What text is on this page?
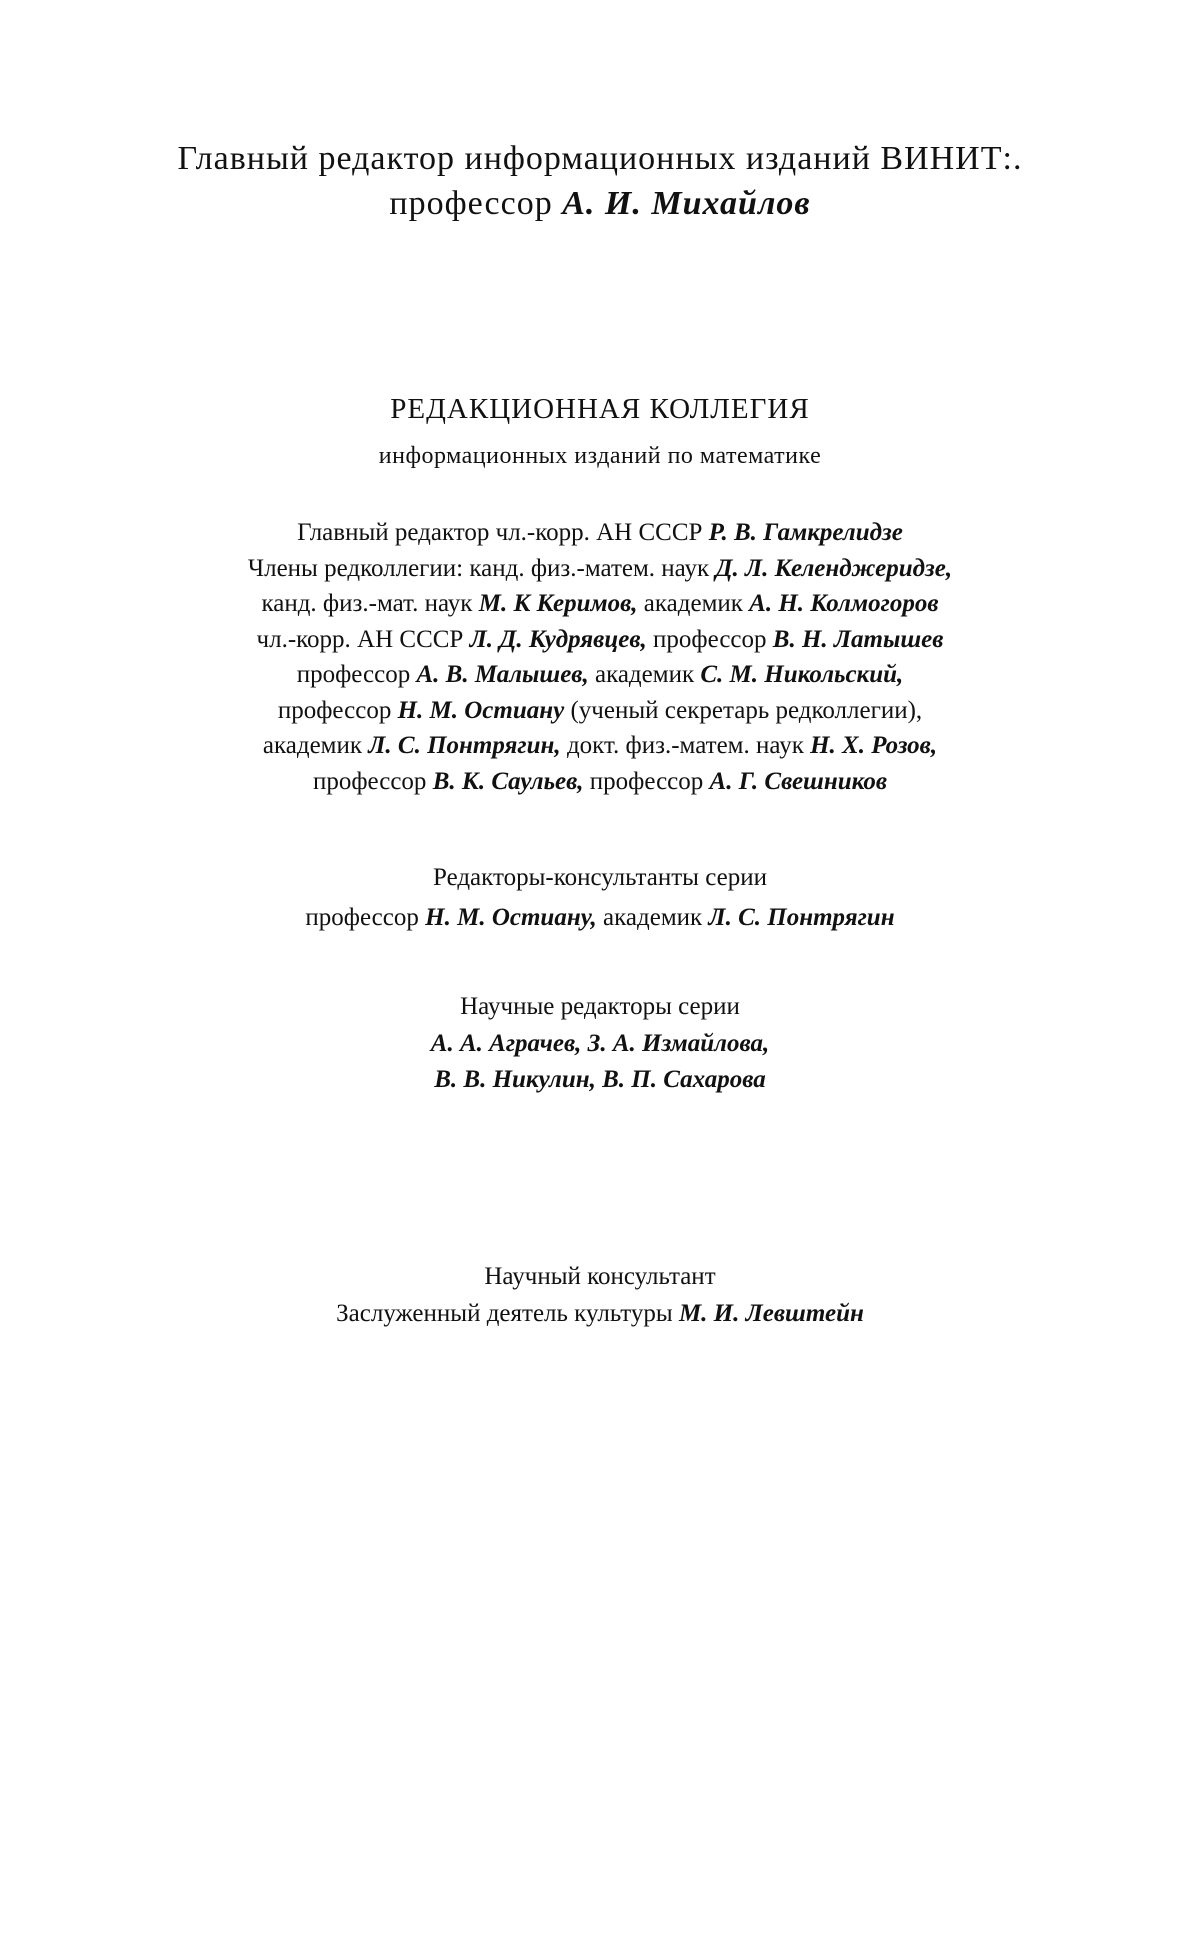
Главный редактор информационных изданий ВИНИТ:.
профессор А. И. Михайлов
РЕДАКЦИОННАЯ КОЛЛЕГИЯ
информационных изданий по математике
Главный редактор чл.-корр. АН СССР Р. В. Гамкрелидзе
Члены редколлегии: канд. физ.-матем. наук Д. Л. Келенджеридзе,
канд. физ.-мат. наук М. К Керимов, академик А. Н. Колмогоров
чл.-корр. АН СССР Л. Д. Кудрявцев, профессор В. Н. Латышев
профессор А. В. Малышев, академик С. М. Никольский,
профессор Н. М. Остиану (ученый секретарь редколлегии),
академик Л. С. Понтрягин, докт. физ.-матем. наук Н. Х. Розов,
профессор В. К. Саульев, профессор А. Г. Свешников
Редакторы-консультанты серии
профессор Н. М. Остиану, академик Л. С. Понтрягин
Научные редакторы серии
А. А. Аграчев, З. А. Измайлова,
В. В. Никулин, В. П. Сахарова
Научный консультант
Заслуженный деятель культуры М. И. Левштейн
